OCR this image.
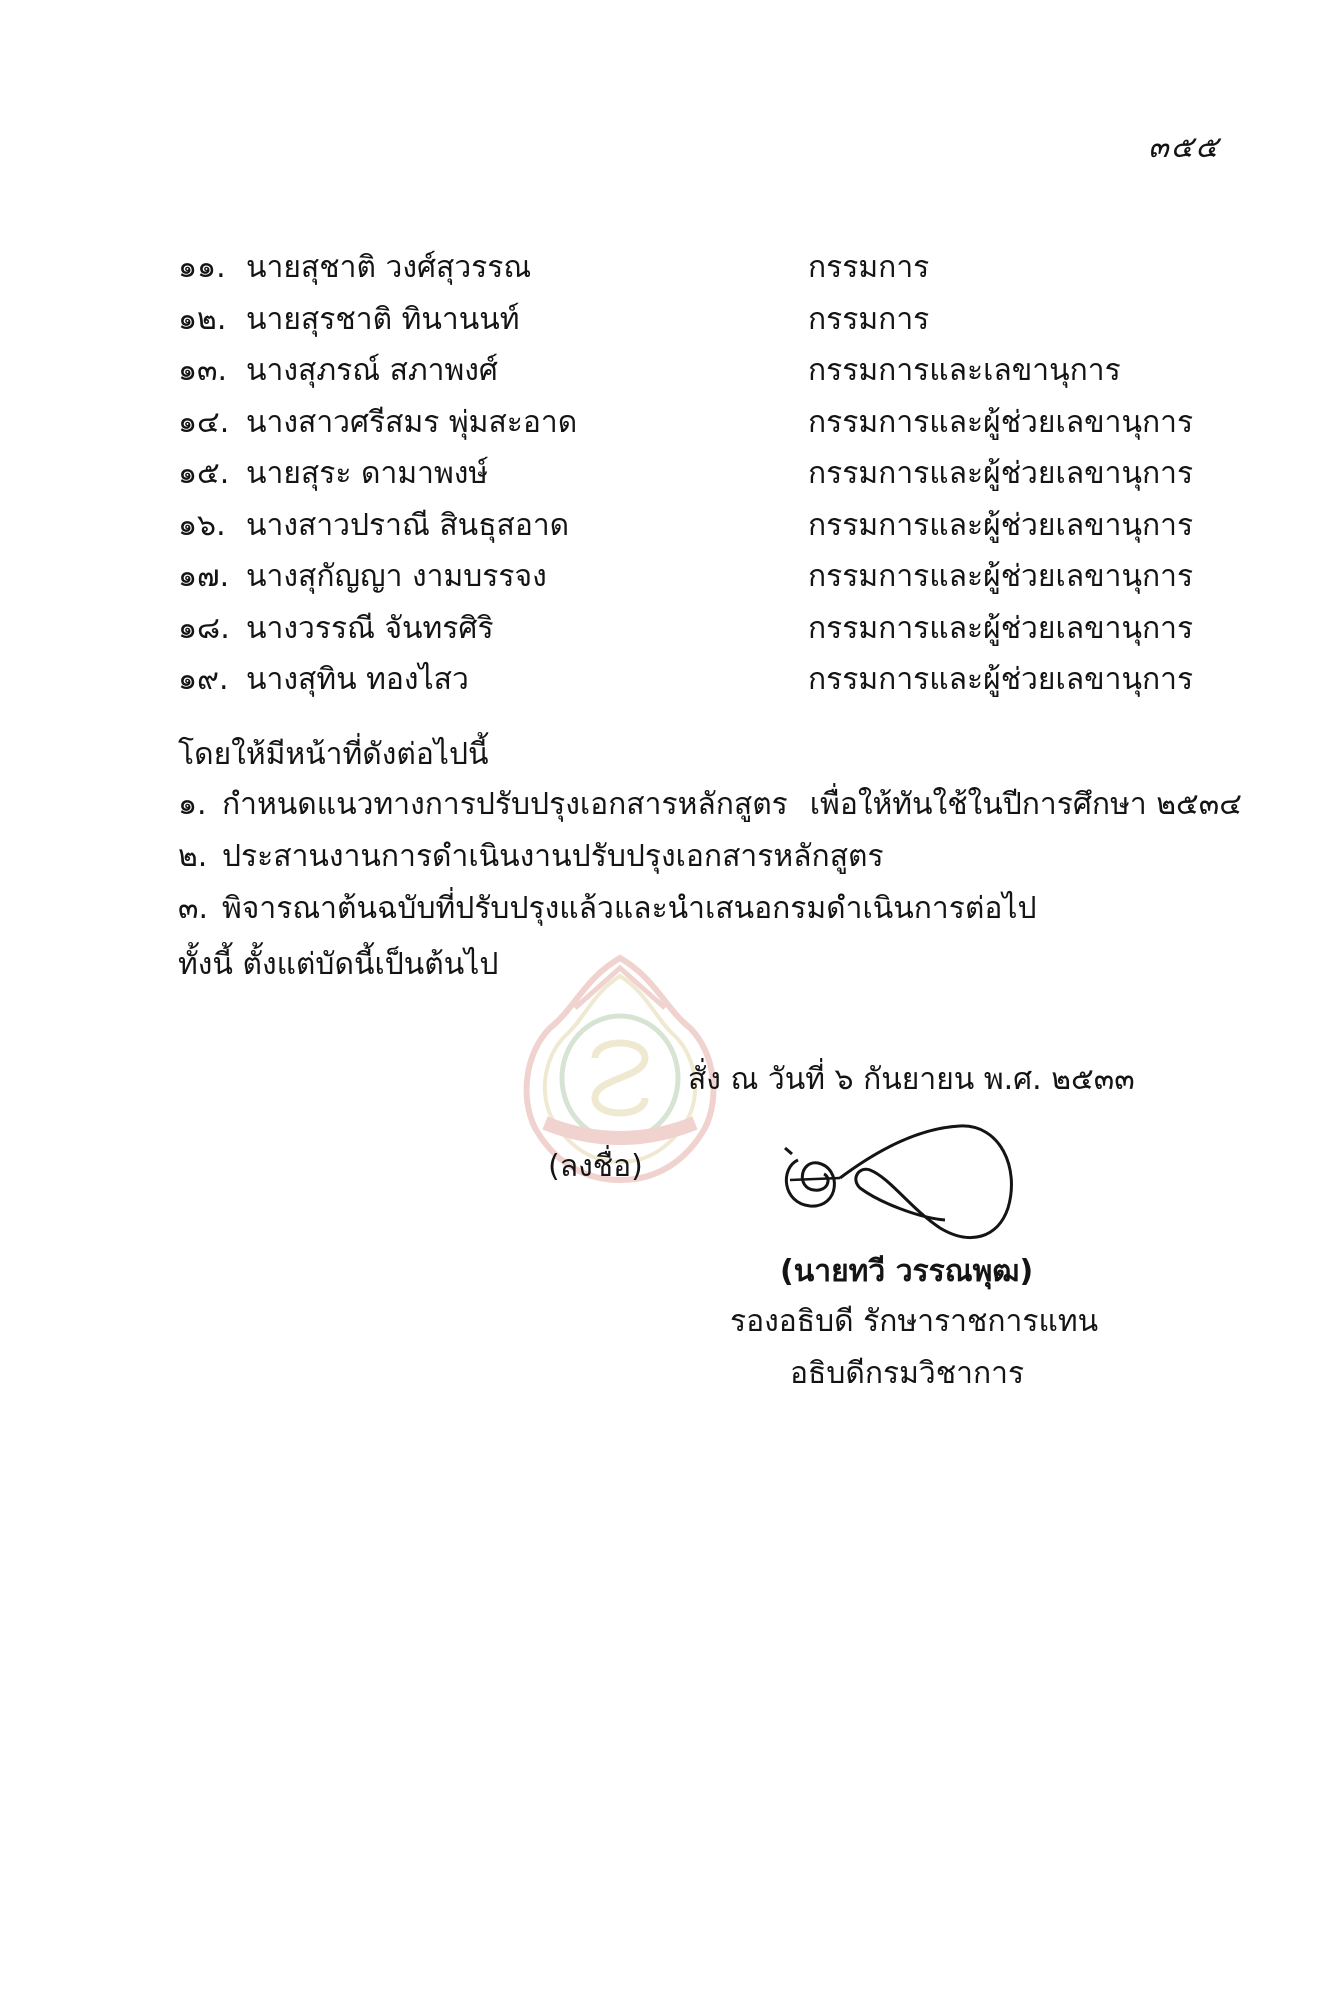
๓๕๕
๑๑. นายสุชาติ วงศ์สุวรรณ	กรรมการ
๑๒. นายสุรชาติ ทินานนท์	กรรมการ
๑๓. นางสุภรณ์ สภาพงศ์	กรรมการและเลขานุการ
๑๔. นางสาวศรีสมร พุ่มสะอาด	กรรมการและผู้ช่วยเลขานุการ
๑๕. นายสุระ ดามาพงษ์	กรรมการและผู้ช่วยเลขานุการ
๑๖. นางสาวปราณี สินธุสอาด	กรรมการและผู้ช่วยเลขานุการ
๑๗. นางสุกัญญา งามบรรจง	กรรมการและผู้ช่วยเลขานุการ
๑๘. นางวรรณี จันทรศิริ	กรรมการและผู้ช่วยเลขานุการ
๑๙. นางสุทิน ทองไสว	กรรมการและผู้ช่วยเลขานุการ
โดยให้มีหน้าที่ดังต่อไปนี้
๑. กำหนดแนวทางการปรับปรุงเอกสารหลักสูตร เพื่อให้ทันใช้ในปีการศึกษา ๒๕๓๔
๒. ประสานงานการดำเนินงานปรับปรุงเอกสารหลักสูตร
๓. พิจารณาต้นฉบับที่ปรับปรุงแล้วและนำเสนอกรมดำเนินการต่อไป
ทั้งนี้ ตั้งแต่บัดนี้เป็นต้นไป
สั่ง ณ วันที่ ๖ กันยายน พ.ศ. ๒๕๓๓
(ลงชื่อ)
(นายทวี วรรณพุฒ)
รองอธิบดี รักษาราชการแทน
อธิบดีกรมวิชาการ
